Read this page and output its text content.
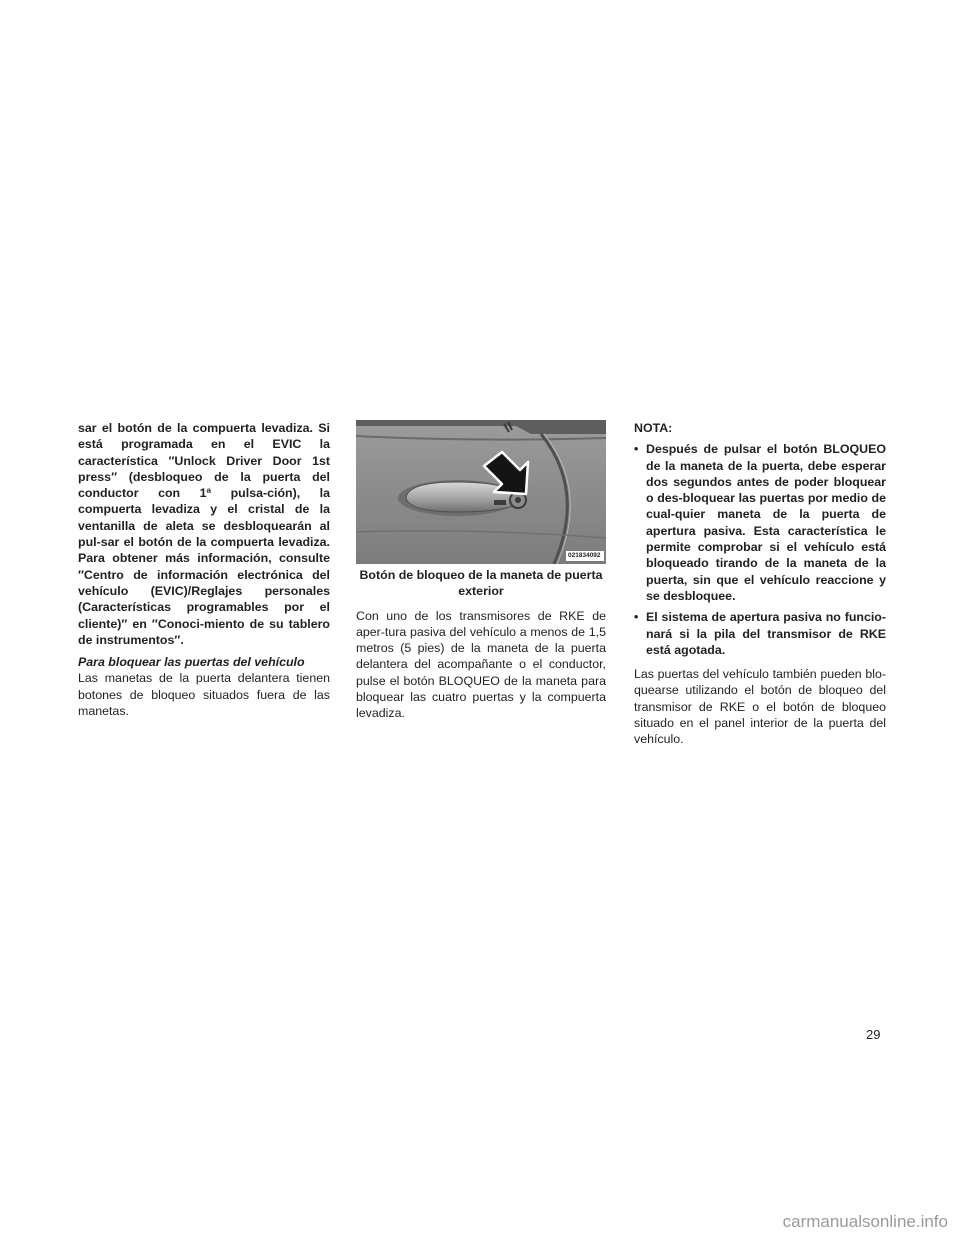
sar el botón de la compuerta levadiza. Si está programada en el EVIC la característica ″Unlock Driver Door 1st press″ (desbloqueo de la puerta del conductor con 1ª pulsa-ción), la compuerta levadiza y el cristal de la ventanilla de aleta se desbloquearán al pul-sar el botón de la compuerta levadiza. Para obtener más información, consulte ″Centro de información electrónica del vehículo (EVIC)/Reglajes personales (Características programables por el cliente)″ en ″Conoci-miento de su tablero de instrumentos″.

Para bloquear las puertas del vehículo

Las manetas de la puerta delantera tienen botones de bloqueo situados fuera de las manetas.

021834092

Botón de bloqueo de la maneta de puerta exterior

Con uno de los transmisores de RKE de aper-tura pasiva del vehículo a menos de 1,5 metros (5 pies) de la maneta de la puerta delantera del acompañante o el conductor, pulse el botón BLOQUEO de la maneta para bloquear las cuatro puertas y la compuerta levadiza.

NOTA:

• Después de pulsar el botón BLOQUEO de la maneta de la puerta, debe esperar dos segundos antes de poder bloquear o des-bloquear las puertas por medio de cual-quier maneta de la puerta de apertura pasiva. Esta característica le permite comprobar si el vehículo está bloqueado tirando de la maneta de la puerta, sin que el vehículo reaccione y se desbloquee.
• El sistema de apertura pasiva no funcio-nará si la pila del transmisor de RKE está agotada.

Las puertas del vehículo también pueden blo-quearse utilizando el botón de bloqueo del transmisor de RKE o el botón de bloqueo situado en el panel interior de la puerta del vehículo.

29
carmanualsonline.info
